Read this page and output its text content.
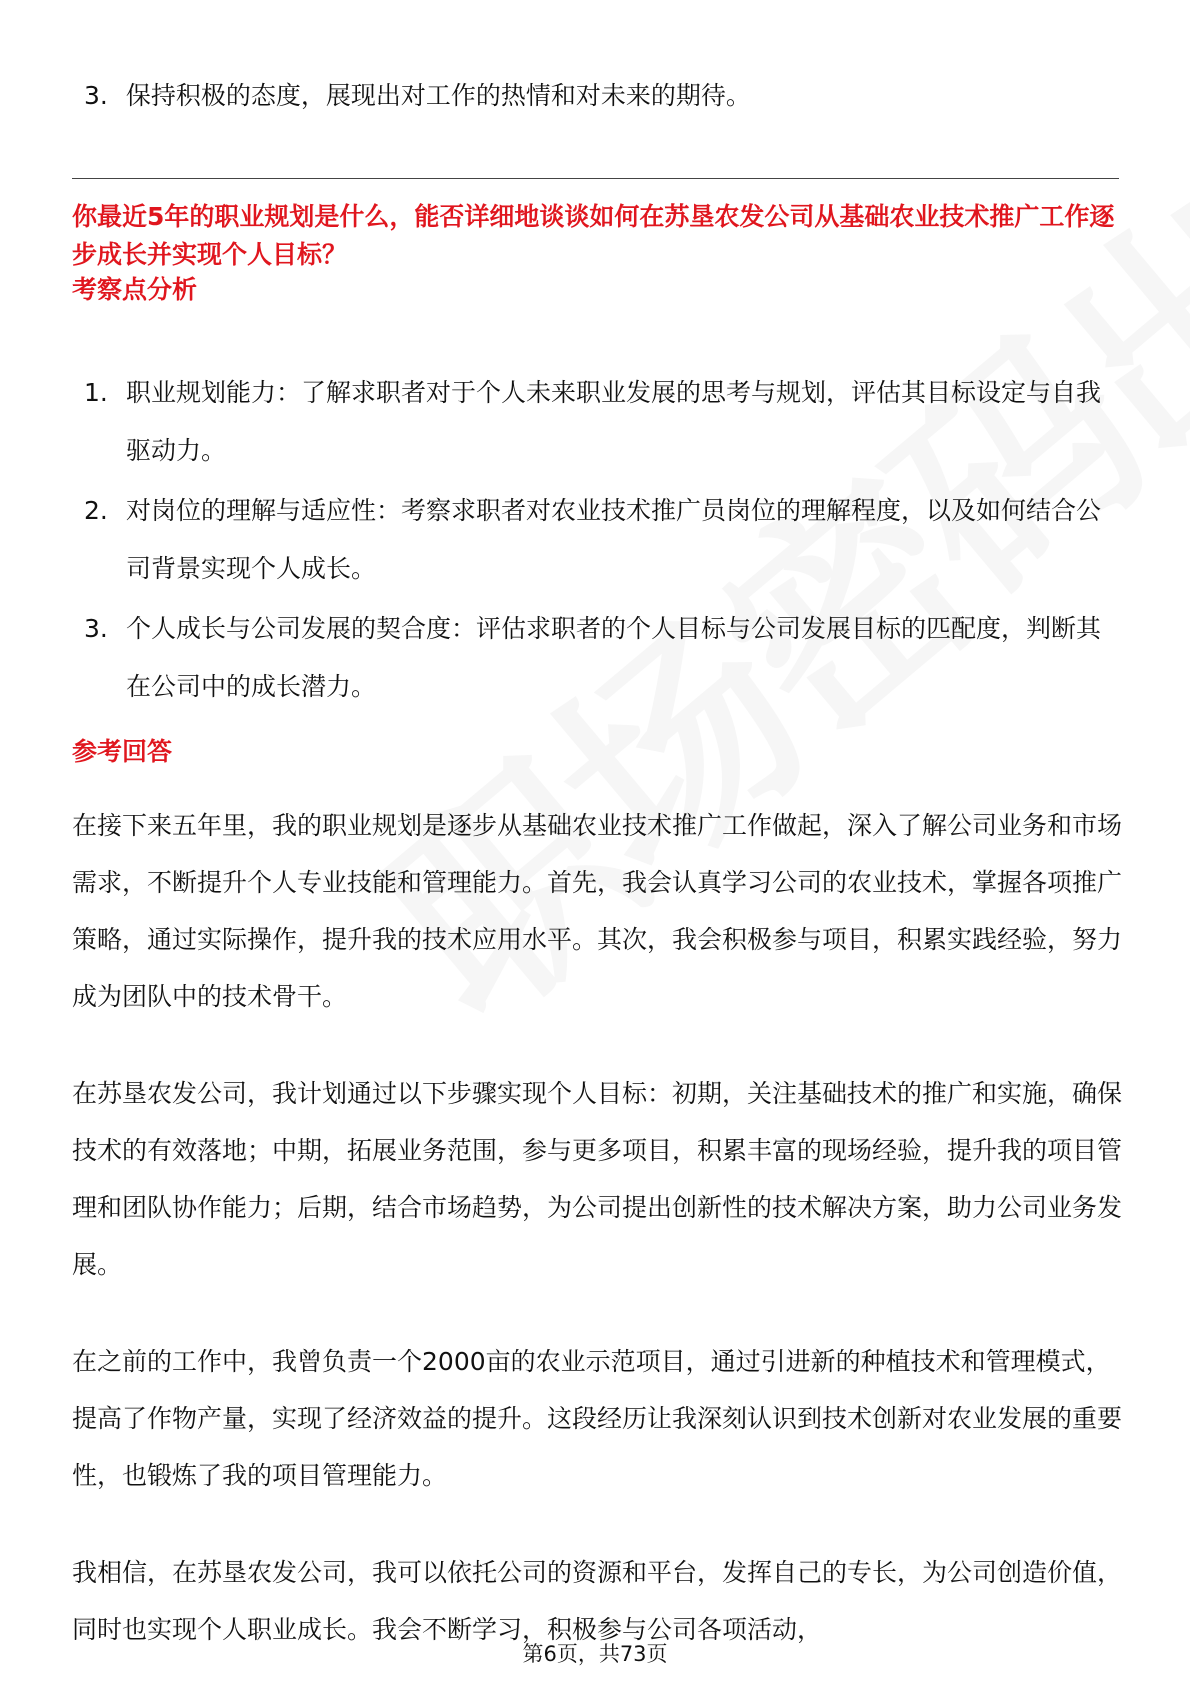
3. 保持积极的态度，展现出对工作的热情和对未来的期待。
你最近5年的职业规划是什么，能否详细地谈谈如何在苏垦农发公司从基础农业技术推广工作逐步成长并实现个人目标？
考察点分析
1. 职业规划能力：了解求职者对于个人未来职业发展的思考与规划，评估其目标设定与自我驱动力。
2. 对岗位的理解与适应性：考察求职者对农业技术推广员岗位的理解程度，以及如何结合公司背景实现个人成长。
3. 个人成长与公司发展的契合度：评估求职者的个人目标与公司发展目标的匹配度，判断其在公司中的成长潜力。
参考回答

在接下来五年里，我的职业规划是逐步从基础农业技术推广工作做起，深入了解公司业务和市场需求，不断提升个人专业技能和管理能力。首先，我会认真学习公司的农业技术，掌握各项推广策略，通过实际操作，提升我的技术应用水平。其次，我会积极参与项目，积累实践经验，努力成为团队中的技术骨干。

在苏垦农发公司，我计划通过以下步骤实现个人目标：初期，关注基础技术的推广和实施，确保技术的有效落地；中期，拓展业务范围，参与更多项目，积累丰富的现场经验，提升我的项目管理和团队协作能力；后期，结合市场趋势，为公司提出创新性的技术解决方案，助力公司业务发展。

在之前的工作中，我曾负责一个2000亩的农业示范项目，通过引进新的种植技术和管理模式，提高了作物产量，实现了经济效益的提升。这段经历让我深刻认识到技术创新对农业发展的重要性，也锻炼了我的项目管理能力。

我相信，在苏垦农发公司，我可以依托公司的资源和平台，发挥自己的专长，为公司创造价值，同时也实现个人职业成长。我会不断学习，积极参与公司各项活动，

第6页，共73页
